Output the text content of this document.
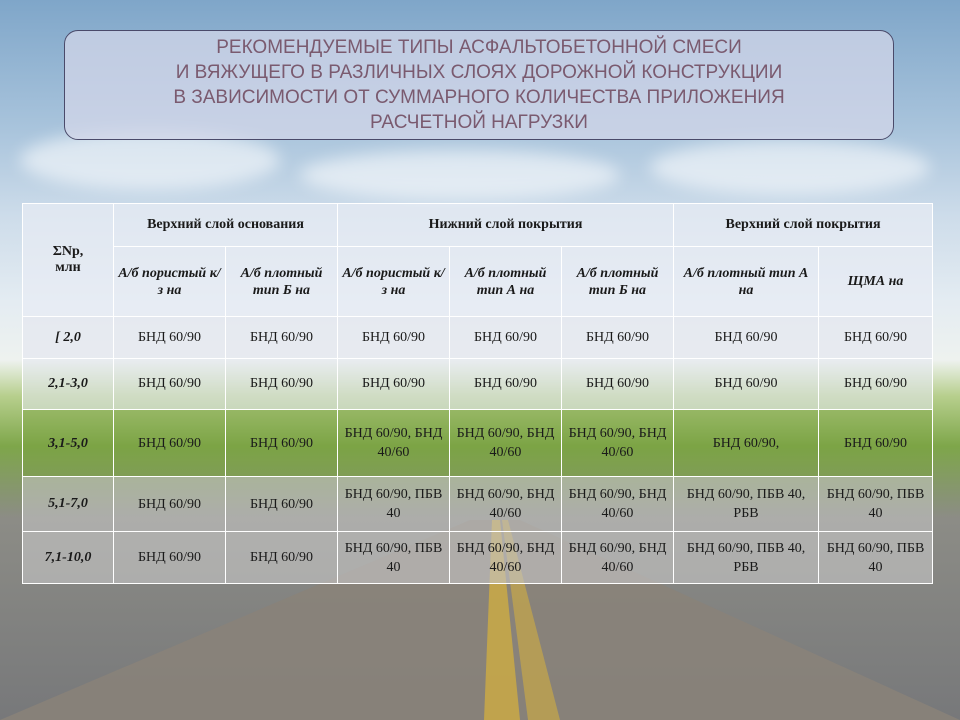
РЕКОМЕНДУЕМЫЕ ТИПЫ АСФАЛЬТОБЕТОННОЙ СМЕСИ
И ВЯЖУЩЕГО В РАЗЛИЧНЫХ СЛОЯХ ДОРОЖНОЙ КОНСТРУКЦИИ
В ЗАВИСИМОСТИ ОТ СУММАРНОГО КОЛИЧЕСТВА ПРИЛОЖЕНИЯ
РАСЧЕТНОЙ НАГРУЗКИ
ΣNр,
млн	Верхний слой основания		Нижний слой покрытия			Верхний слой покрытия	
	А/б пористый к/з на	А/б плотный тип Б на	А/б пористый к/з на	А/б плотный тип А на	А/б плотный тип Б на	А/б плотный тип А на	ЩМА на
[ 2,0	БНД 60/90	БНД 60/90	БНД 60/90	БНД 60/90	БНД 60/90	БНД 60/90	БНД 60/90
2,1-3,0	БНД 60/90	БНД 60/90	БНД 60/90	БНД 60/90	БНД 60/90	БНД 60/90	БНД 60/90
3,1-5,0	БНД 60/90	БНД 60/90	БНД 60/90, БНД 40/60	БНД 60/90, БНД 40/60	БНД 60/90, БНД 40/60	БНД 60/90,	БНД 60/90
5,1-7,0	БНД 60/90	БНД 60/90	БНД 60/90, ПБВ 40	БНД 60/90, БНД 40/60	БНД 60/90, БНД 40/60	БНД 60/90, ПБВ 40, РБВ	БНД 60/90, ПБВ 40
7,1-10,0	БНД 60/90	БНД 60/90	БНД 60/90, ПБВ 40	БНД 60/90, БНД 40/60	БНД 60/90, БНД 40/60	БНД 60/90, ПБВ 40, РБВ	БНД 60/90, ПБВ 40
